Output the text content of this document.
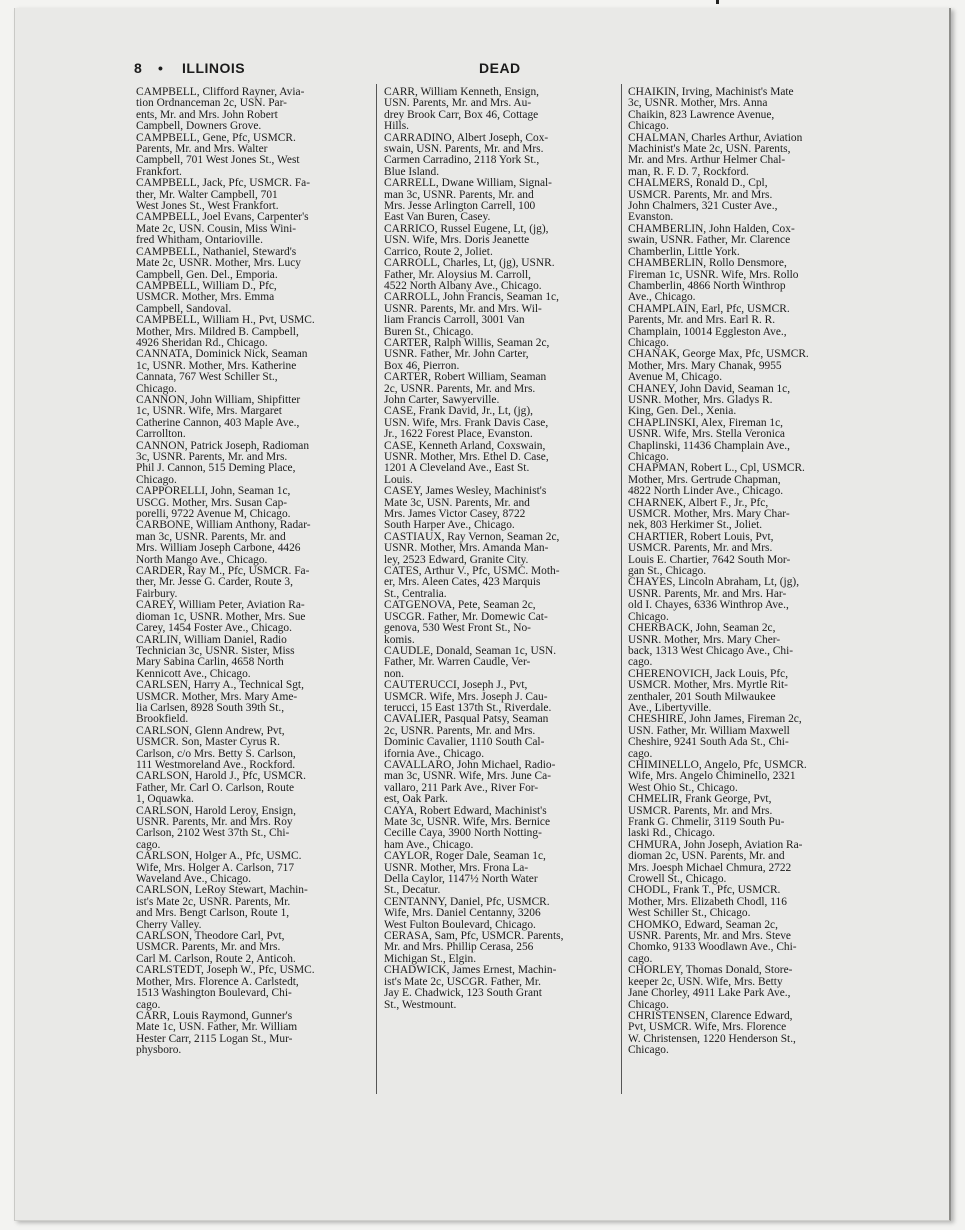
8 • ILLINOIS	DEAD
CAMPBELL, Clifford Rayner, Avia-
tion Ordnanceman 2c, USN. Par-
ents, Mr. and Mrs. John Robert
Campbell, Downers Grove.
CAMPBELL, Gene, Pfc, USMCR.
Parents, Mr. and Mrs. Walter
Campbell, 701 West Jones St., West
Frankfort.
CAMPBELL, Jack, Pfc, USMCR. Fa-
ther, Mr. Walter Campbell, 701
West Jones St., West Frankfort.
CAMPBELL, Joel Evans, Carpenter's
Mate 2c, USN. Cousin, Miss Wini-
fred Whitham, Ontarioville.
CAMPBELL, Nathaniel, Steward's
Mate 2c, USNR. Mother, Mrs. Lucy
Campbell, Gen. Del., Emporia.
CAMPBELL, William D., Pfc,
USMCR. Mother, Mrs. Emma
Campbell, Sandoval.
CAMPBELL, William H., Pvt, USMC.
Mother, Mrs. Mildred B. Campbell,
4926 Sheridan Rd., Chicago.
CANNATA, Dominick Nick, Seaman
1c, USNR. Mother, Mrs. Katherine
Cannata, 767 West Schiller St.,
Chicago.
CANNON, John William, Shipfitter
1c, USNR. Wife, Mrs. Margaret
Catherine Cannon, 403 Maple Ave.,
Carrollton.
CANNON, Patrick Joseph, Radioman
3c, USNR. Parents, Mr. and Mrs.
Phil J. Cannon, 515 Deming Place,
Chicago.
CAPPORELLI, John, Seaman 1c,
USCG. Mother, Mrs. Susan Cap-
porelli, 9722 Avenue M, Chicago.
CARBONE, William Anthony, Radar-
man 3c, USNR. Parents, Mr. and
Mrs. William Joseph Carbone, 4426
North Mango Ave., Chicago.
CARDER, Ray M., Pfc, USMCR. Fa-
ther, Mr. Jesse G. Carder, Route 3,
Fairbury.
CAREY, William Peter, Aviation Ra-
dioman 1c, USNR. Mother, Mrs. Sue
Carey, 1454 Foster Ave., Chicago.
CARLIN, William Daniel, Radio
Technician 3c, USNR. Sister, Miss
Mary Sabina Carlin, 4658 North
Kennicott Ave., Chicago.
CARLSEN, Harry A., Technical Sgt,
USMCR. Mother, Mrs. Mary Ame-
lia Carlsen, 8928 South 39th St.,
Brookfield.
CARLSON, Glenn Andrew, Pvt,
USMCR. Son, Master Cyrus R.
Carlson, c/o Mrs. Betty S. Carlson,
111 Westmoreland Ave., Rockford.
CARLSON, Harold J., Pfc, USMCR.
Father, Mr. Carl O. Carlson, Route
1, Oquawka.
CARLSON, Harold Leroy, Ensign,
USNR. Parents, Mr. and Mrs. Roy
Carlson, 2102 West 37th St., Chi-
cago.
CARLSON, Holger A., Pfc, USMC.
Wife, Mrs. Holger A. Carlson, 717
Waveland Ave., Chicago.
CARLSON, LeRoy Stewart, Machin-
ist's Mate 2c, USNR. Parents, Mr.
and Mrs. Bengt Carlson, Route 1,
Cherry Valley.
CARLSON, Theodore Carl, Pvt,
USMCR. Parents, Mr. and Mrs.
Carl M. Carlson, Route 2, Anticoh.
CARLSTEDT, Joseph W., Pfc, USMC.
Mother, Mrs. Florence A. Carlstedt,
1513 Washington Boulevard, Chi-
cago.
CARR, Louis Raymond, Gunner's
Mate 1c, USN. Father, Mr. William
Hester Carr, 2115 Logan St., Mur-
physboro.
CARR, William Kenneth, Ensign,
USN. Parents, Mr. and Mrs. Au-
drey Brook Carr, Box 46, Cottage
Hills.
CARRADINO, Albert Joseph, Cox-
swain, USN. Parents, Mr. and Mrs.
Carmen Carradino, 2118 York St.,
Blue Island.
CARRELL, Dwane William, Signal-
man 3c, USNR. Parents, Mr. and
Mrs. Jesse Arlington Carrell, 100
East Van Buren, Casey.
CARRICO, Russel Eugene, Lt, (jg),
USN. Wife, Mrs. Doris Jeanette
Carrico, Route 2, Joliet.
CARROLL, Charles, Lt, (jg), USNR.
Father, Mr. Aloysius M. Carroll,
4522 North Albany Ave., Chicago.
CARROLL, John Francis, Seaman 1c,
USNR. Parents, Mr. and Mrs. Wil-
liam Francis Carroll, 3001 Van
Buren St., Chicago.
CARTER, Ralph Willis, Seaman 2c,
USNR. Father, Mr. John Carter,
Box 46, Pierron.
CARTER, Robert William, Seaman
2c, USNR. Parents, Mr. and Mrs.
John Carter, Sawyerville.
CASE, Frank David, Jr., Lt, (jg),
USN. Wife, Mrs. Frank Davis Case,
Jr., 1622 Forest Place, Evanston.
CASE, Kenneth Arland, Coxswain,
USNR. Mother, Mrs. Ethel D. Case,
1201 A Cleveland Ave., East St.
Louis.
CASEY, James Wesley, Machinist's
Mate 3c, USN. Parents, Mr. and
Mrs. James Victor Casey, 8722
South Harper Ave., Chicago.
CASTIAUX, Ray Vernon, Seaman 2c,
USNR. Mother, Mrs. Amanda Man-
ley, 2523 Edward, Granite City.
CATES, Arthur V., Pfc, USMC. Moth-
er, Mrs. Aleen Cates, 423 Marquis
St., Centralia.
CATGENOVA, Pete, Seaman 2c,
USCGR. Father, Mr. Domewic Cat-
genova, 530 West Front St., No-
komis.
CAUDLE, Donald, Seaman 1c, USN.
Father, Mr. Warren Caudle, Ver-
non.
CAUTERUCCI, Joseph J., Pvt,
USMCR. Wife, Mrs. Joseph J. Cau-
terucci, 15 East 137th St., Riverdale.
CAVALIER, Pasqual Patsy, Seaman
2c, USNR. Parents, Mr. and Mrs.
Dominic Cavalier, 1110 South Cal-
ifornia Ave., Chicago.
CAVALLARO, John Michael, Radio-
man 3c, USNR. Wife, Mrs. June Ca-
vallaro, 211 Park Ave., River For-
est, Oak Park.
CAYA, Robert Edward, Machinist's
Mate 3c, USNR. Wife, Mrs. Bernice
Cecille Caya, 3900 North Notting-
ham Ave., Chicago.
CAYLOR, Roger Dale, Seaman 1c,
USNR. Mother, Mrs. Frona La-
Della Caylor, 1147½ North Water
St., Decatur.
CENTANNY, Daniel, Pfc, USMCR.
Wife, Mrs. Daniel Centanny, 3206
West Fulton Boulevard, Chicago.
CERASA, Sam, Pfc, USMCR. Parents,
Mr. and Mrs. Phillip Cerasa, 256
Michigan St., Elgin.
CHADWICK, James Ernest, Machin-
ist's Mate 2c, USCGR. Father, Mr.
Jay E. Chadwick, 123 South Grant
St., Westmount.
CHAIKIN, Irving, Machinist's Mate
3c, USNR. Mother, Mrs. Anna
Chaikin, 823 Lawrence Avenue,
Chicago.
CHALMAN, Charles Arthur, Aviation
Machinist's Mate 2c, USN. Parents,
Mr. and Mrs. Arthur Helmer Chal-
man, R. F. D. 7, Rockford.
CHALMERS, Ronald D., Cpl,
USMCR. Parents, Mr. and Mrs.
John Chalmers, 321 Custer Ave.,
Evanston.
CHAMBERLIN, John Halden, Cox-
swain, USNR. Father, Mr. Clarence
Chamberlin, Little York.
CHAMBERLIN, Rollo Densmore,
Fireman 1c, USNR. Wife, Mrs. Rollo
Chamberlin, 4866 North Winthrop
Ave., Chicago.
CHAMPLAIN, Earl, Pfc, USMCR.
Parents, Mr. and Mrs. Earl R. R.
Champlain, 10014 Eggleston Ave.,
Chicago.
CHANAK, George Max, Pfc, USMCR.
Mother, Mrs. Mary Chanak, 9955
Avenue M, Chicago.
CHANEY, John David, Seaman 1c,
USNR. Mother, Mrs. Gladys R.
King, Gen. Del., Xenia.
CHAPLINSKI, Alex, Fireman 1c,
USNR. Wife, Mrs. Stella Veronica
Chaplinski, 11436 Champlain Ave.,
Chicago.
CHAPMAN, Robert L., Cpl, USMCR.
Mother, Mrs. Gertrude Chapman,
4822 North Linder Ave., Chicago.
CHARNEK, Albert F., Jr., Pfc,
USMCR. Mother, Mrs. Mary Char-
nek, 803 Herkimer St., Joliet.
CHARTIER, Robert Louis, Pvt,
USMCR. Parents, Mr. and Mrs.
Louis E. Chartier, 7642 South Mor-
gan St., Chicago.
CHAYES, Lincoln Abraham, Lt, (jg),
USNR. Parents, Mr. and Mrs. Har-
old I. Chayes, 6336 Winthrop Ave.,
Chicago.
CHERBACK, John, Seaman 2c,
USNR. Mother, Mrs. Mary Cher-
back, 1313 West Chicago Ave., Chi-
cago.
CHERENOVICH, Jack Louis, Pfc,
USMCR. Mother, Mrs. Myrtle Rit-
zenthaler, 201 South Milwaukee
Ave., Libertyville.
CHESHIRE, John James, Fireman 2c,
USN. Father, Mr. William Maxwell
Cheshire, 9241 South Ada St., Chi-
cago.
CHIMINELLO, Angelo, Pfc, USMCR.
Wife, Mrs. Angelo Chiminello, 2321
West Ohio St., Chicago.
CHMELIR, Frank George, Pvt,
USMCR. Parents, Mr. and Mrs.
Frank G. Chmelir, 3119 South Pu-
laski Rd., Chicago.
CHMURA, John Joseph, Aviation Ra-
dioman 2c, USN. Parents, Mr. and
Mrs. Joesph Michael Chmura, 2722
Crowell St., Chicago.
CHODL, Frank T., Pfc, USMCR.
Mother, Mrs. Elizabeth Chodl, 116
West Schiller St., Chicago.
CHOMKO, Edward, Seaman 2c,
USNR. Parents, Mr. and Mrs. Steve
Chomko, 9133 Woodlawn Ave., Chi-
cago.
CHORLEY, Thomas Donald, Store-
keeper 2c, USN. Wife, Mrs. Betty
Jane Chorley, 4911 Lake Park Ave.,
Chicago.
CHRISTENSEN, Clarence Edward,
Pvt, USMCR. Wife, Mrs. Florence
W. Christensen, 1220 Henderson St.,
Chicago.
